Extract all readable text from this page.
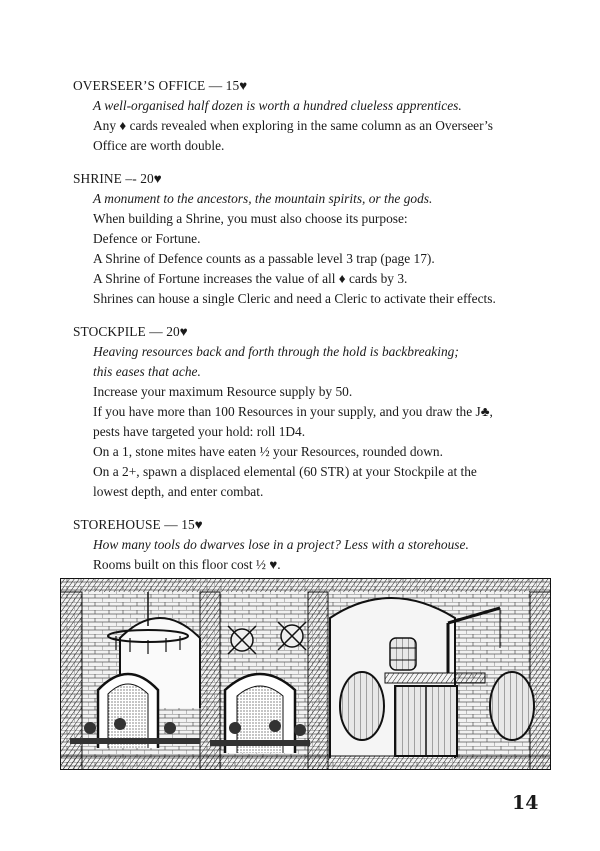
OVERSEER’S OFFICE — 15♥
A well-organised half dozen is worth a hundred clueless apprentices.
Any ♦ cards revealed when exploring in the same column as an Overseer’s
Office are worth double.
SHRINE –- 20♥
A monument to the ancestors, the mountain spirits, or the gods.
When building a Shrine, you must also choose its purpose:
Defence or Fortune.
A Shrine of Defence counts as a passable level 3 trap (page 17).
A Shrine of Fortune increases the value of all ♦ cards by 3.
Shrines can house a single Cleric and need a Cleric to activate their effects.
STOCKPILE — 20♥
Heaving resources back and forth through the hold is backbreaking;
this eases that ache.
Increase your maximum Resource supply by 50.
If you have more than 100 Resources in your supply, and you draw the J♣,
pests have targeted your hold: roll 1D4.
On a 1, stone mites have eaten ½ your Resources, rounded down.
On a 2+, spawn a displaced elemental (60 STR) at your Stockpile at the
lowest depth, and enter combat.
STOREHOUSE — 15♥
How many tools do dwarves lose in a project? Less with a storehouse.
Rooms built on this floor cost ½ ♥.
14
